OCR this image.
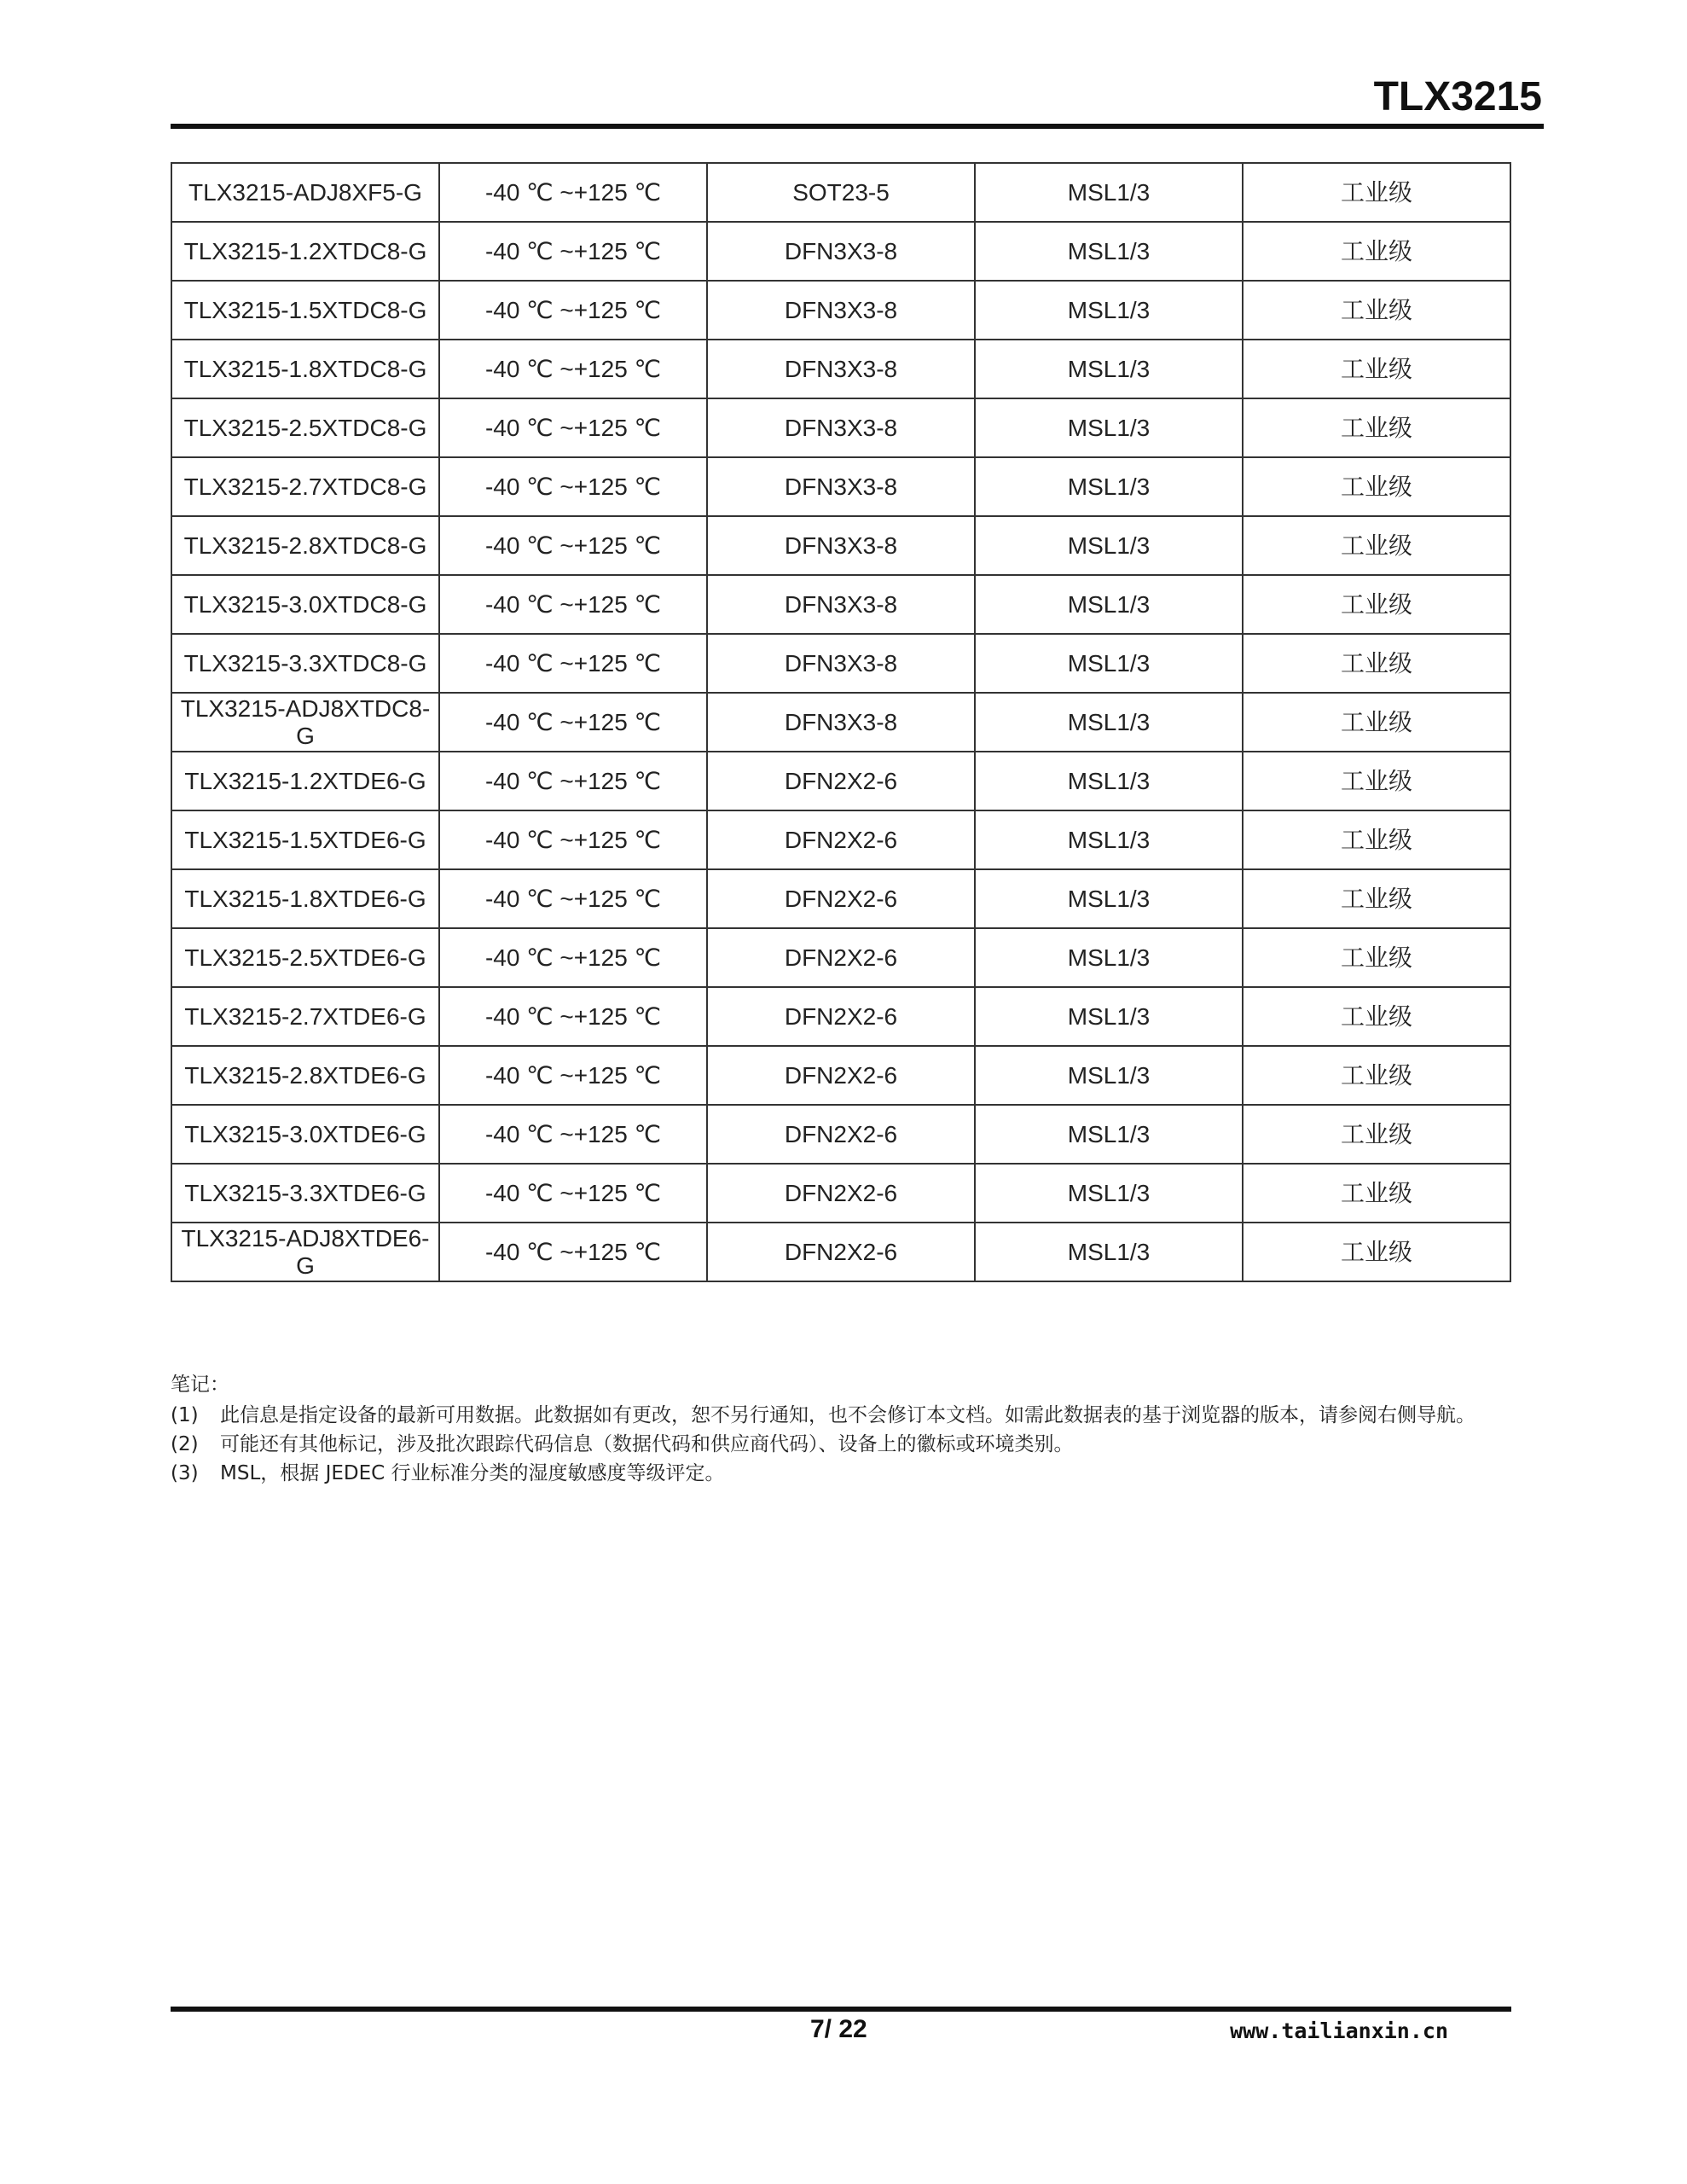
TLX3215
TLX3215-ADJ8XF5-G	-40 ℃ ~+125 ℃	SOT23-5	MSL1/3	工业级
TLX3215-1.2XTDC8-G	-40 ℃ ~+125 ℃	DFN3X3-8	MSL1/3	工业级
TLX3215-1.5XTDC8-G	-40 ℃ ~+125 ℃	DFN3X3-8	MSL1/3	工业级
TLX3215-1.8XTDC8-G	-40 ℃ ~+125 ℃	DFN3X3-8	MSL1/3	工业级
TLX3215-2.5XTDC8-G	-40 ℃ ~+125 ℃	DFN3X3-8	MSL1/3	工业级
TLX3215-2.7XTDC8-G	-40 ℃ ~+125 ℃	DFN3X3-8	MSL1/3	工业级
TLX3215-2.8XTDC8-G	-40 ℃ ~+125 ℃	DFN3X3-8	MSL1/3	工业级
TLX3215-3.0XTDC8-G	-40 ℃ ~+125 ℃	DFN3X3-8	MSL1/3	工业级
TLX3215-3.3XTDC8-G	-40 ℃ ~+125 ℃	DFN3X3-8	MSL1/3	工业级
TLX3215-ADJ8XTDC8-G	-40 ℃ ~+125 ℃	DFN3X3-8	MSL1/3	工业级
TLX3215-1.2XTDE6-G	-40 ℃ ~+125 ℃	DFN2X2-6	MSL1/3	工业级
TLX3215-1.5XTDE6-G	-40 ℃ ~+125 ℃	DFN2X2-6	MSL1/3	工业级
TLX3215-1.8XTDE6-G	-40 ℃ ~+125 ℃	DFN2X2-6	MSL1/3	工业级
TLX3215-2.5XTDE6-G	-40 ℃ ~+125 ℃	DFN2X2-6	MSL1/3	工业级
TLX3215-2.7XTDE6-G	-40 ℃ ~+125 ℃	DFN2X2-6	MSL1/3	工业级
TLX3215-2.8XTDE6-G	-40 ℃ ~+125 ℃	DFN2X2-6	MSL1/3	工业级
TLX3215-3.0XTDE6-G	-40 ℃ ~+125 ℃	DFN2X2-6	MSL1/3	工业级
TLX3215-3.3XTDE6-G	-40 ℃ ~+125 ℃	DFN2X2-6	MSL1/3	工业级
TLX3215-ADJ8XTDE6-G	-40 ℃ ~+125 ℃	DFN2X2-6	MSL1/3	工业级
笔记：
(1)	此信息是指定设备的最新可用数据。此数据如有更改，恕不另行通知，也不会修订本文档。如需此数据表的基于浏览器的版本，请参阅右侧导航。
(2)	可能还有其他标记，涉及批次跟踪代码信息（数据代码和供应商代码）、设备上的徽标或环境类别。
(3)	MSL，根据 JEDEC 行业标准分类的湿度敏感度等级评定。
7/ 22	www.tailianxin.cn
